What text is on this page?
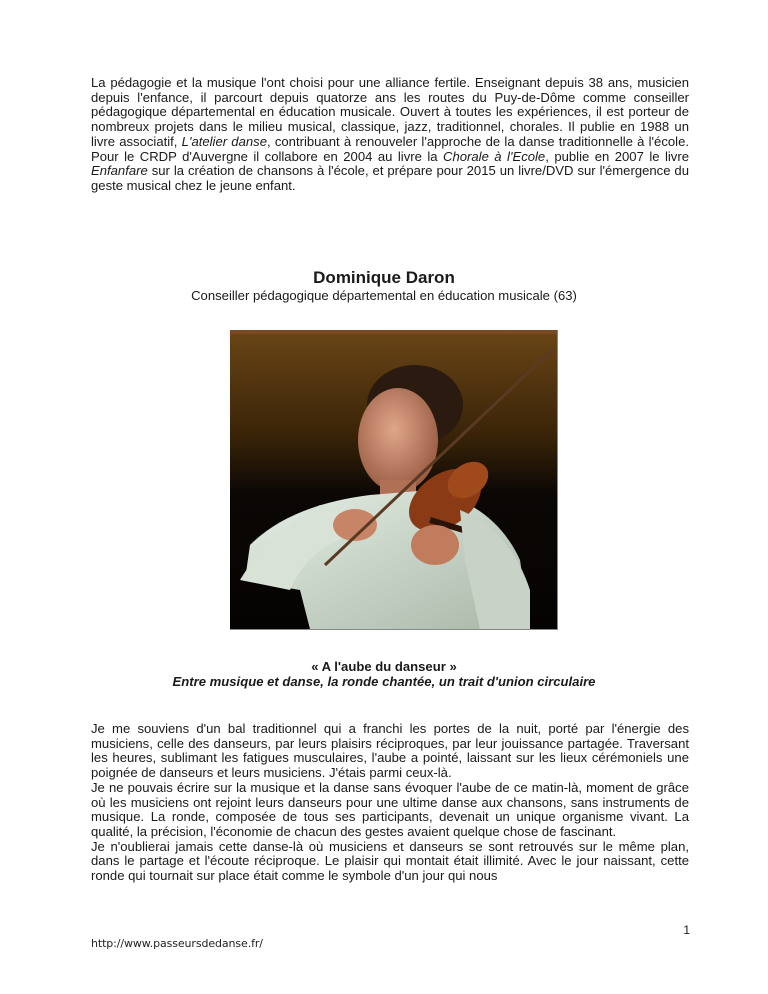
La pédagogie et la musique l'ont choisi pour une alliance fertile. Enseignant depuis 38 ans, musicien depuis l'enfance, il parcourt depuis quatorze ans les routes du Puy-de-Dôme comme conseiller pédagogique départemental en éducation musicale. Ouvert à toutes les expériences, il est porteur de nombreux projets dans le milieu musical, classique, jazz, traditionnel, chorales. Il publie en 1988 un livre associatif, L'atelier danse, contribuant à renouveler l'approche de la danse traditionnelle à l'école. Pour le CRDP d'Auvergne il collabore en 2004 au livre la Chorale à l'Ecole, publie en 2007 le livre Enfanfare sur la création de chansons à l'école, et prépare pour 2015 un livre/DVD sur l'émergence du geste musical chez le jeune enfant.
Dominique Daron

Conseiller pédagogique départemental en éducation musicale (63)

« A l'aube du danseur »

Entre musique et danse, la ronde chantée, un trait d'union circulaire

Je me souviens d'un bal traditionnel qui a franchi les portes de la nuit, porté par l'énergie des musiciens, celle des danseurs, par leurs plaisirs réciproques, par leur jouissance partagée. Traversant les heures, sublimant les fatigues musculaires, l'aube a pointé, laissant sur les lieux cérémoniels une poignée de danseurs et leurs musiciens. J'étais parmi ceux-là.

Je ne pouvais écrire sur la musique et la danse sans évoquer l'aube de ce matin-là, moment de grâce où les musiciens ont rejoint leurs danseurs pour une ultime danse aux chansons, sans instruments de musique. La ronde, composée de tous ses participants, devenait un unique organisme vivant. La qualité, la précision, l'économie de chacun des gestes avaient quelque chose de fascinant.

Je n'oublierai jamais cette danse-là où musiciens et danseurs se sont retrouvés sur le même plan, dans le partage et l'écoute réciproque. Le plaisir qui montait était illimité. Avec le jour naissant, cette ronde qui tournait sur place était comme le symbole d'un jour qui nous

1

http://www.passeursdedanse.fr/
